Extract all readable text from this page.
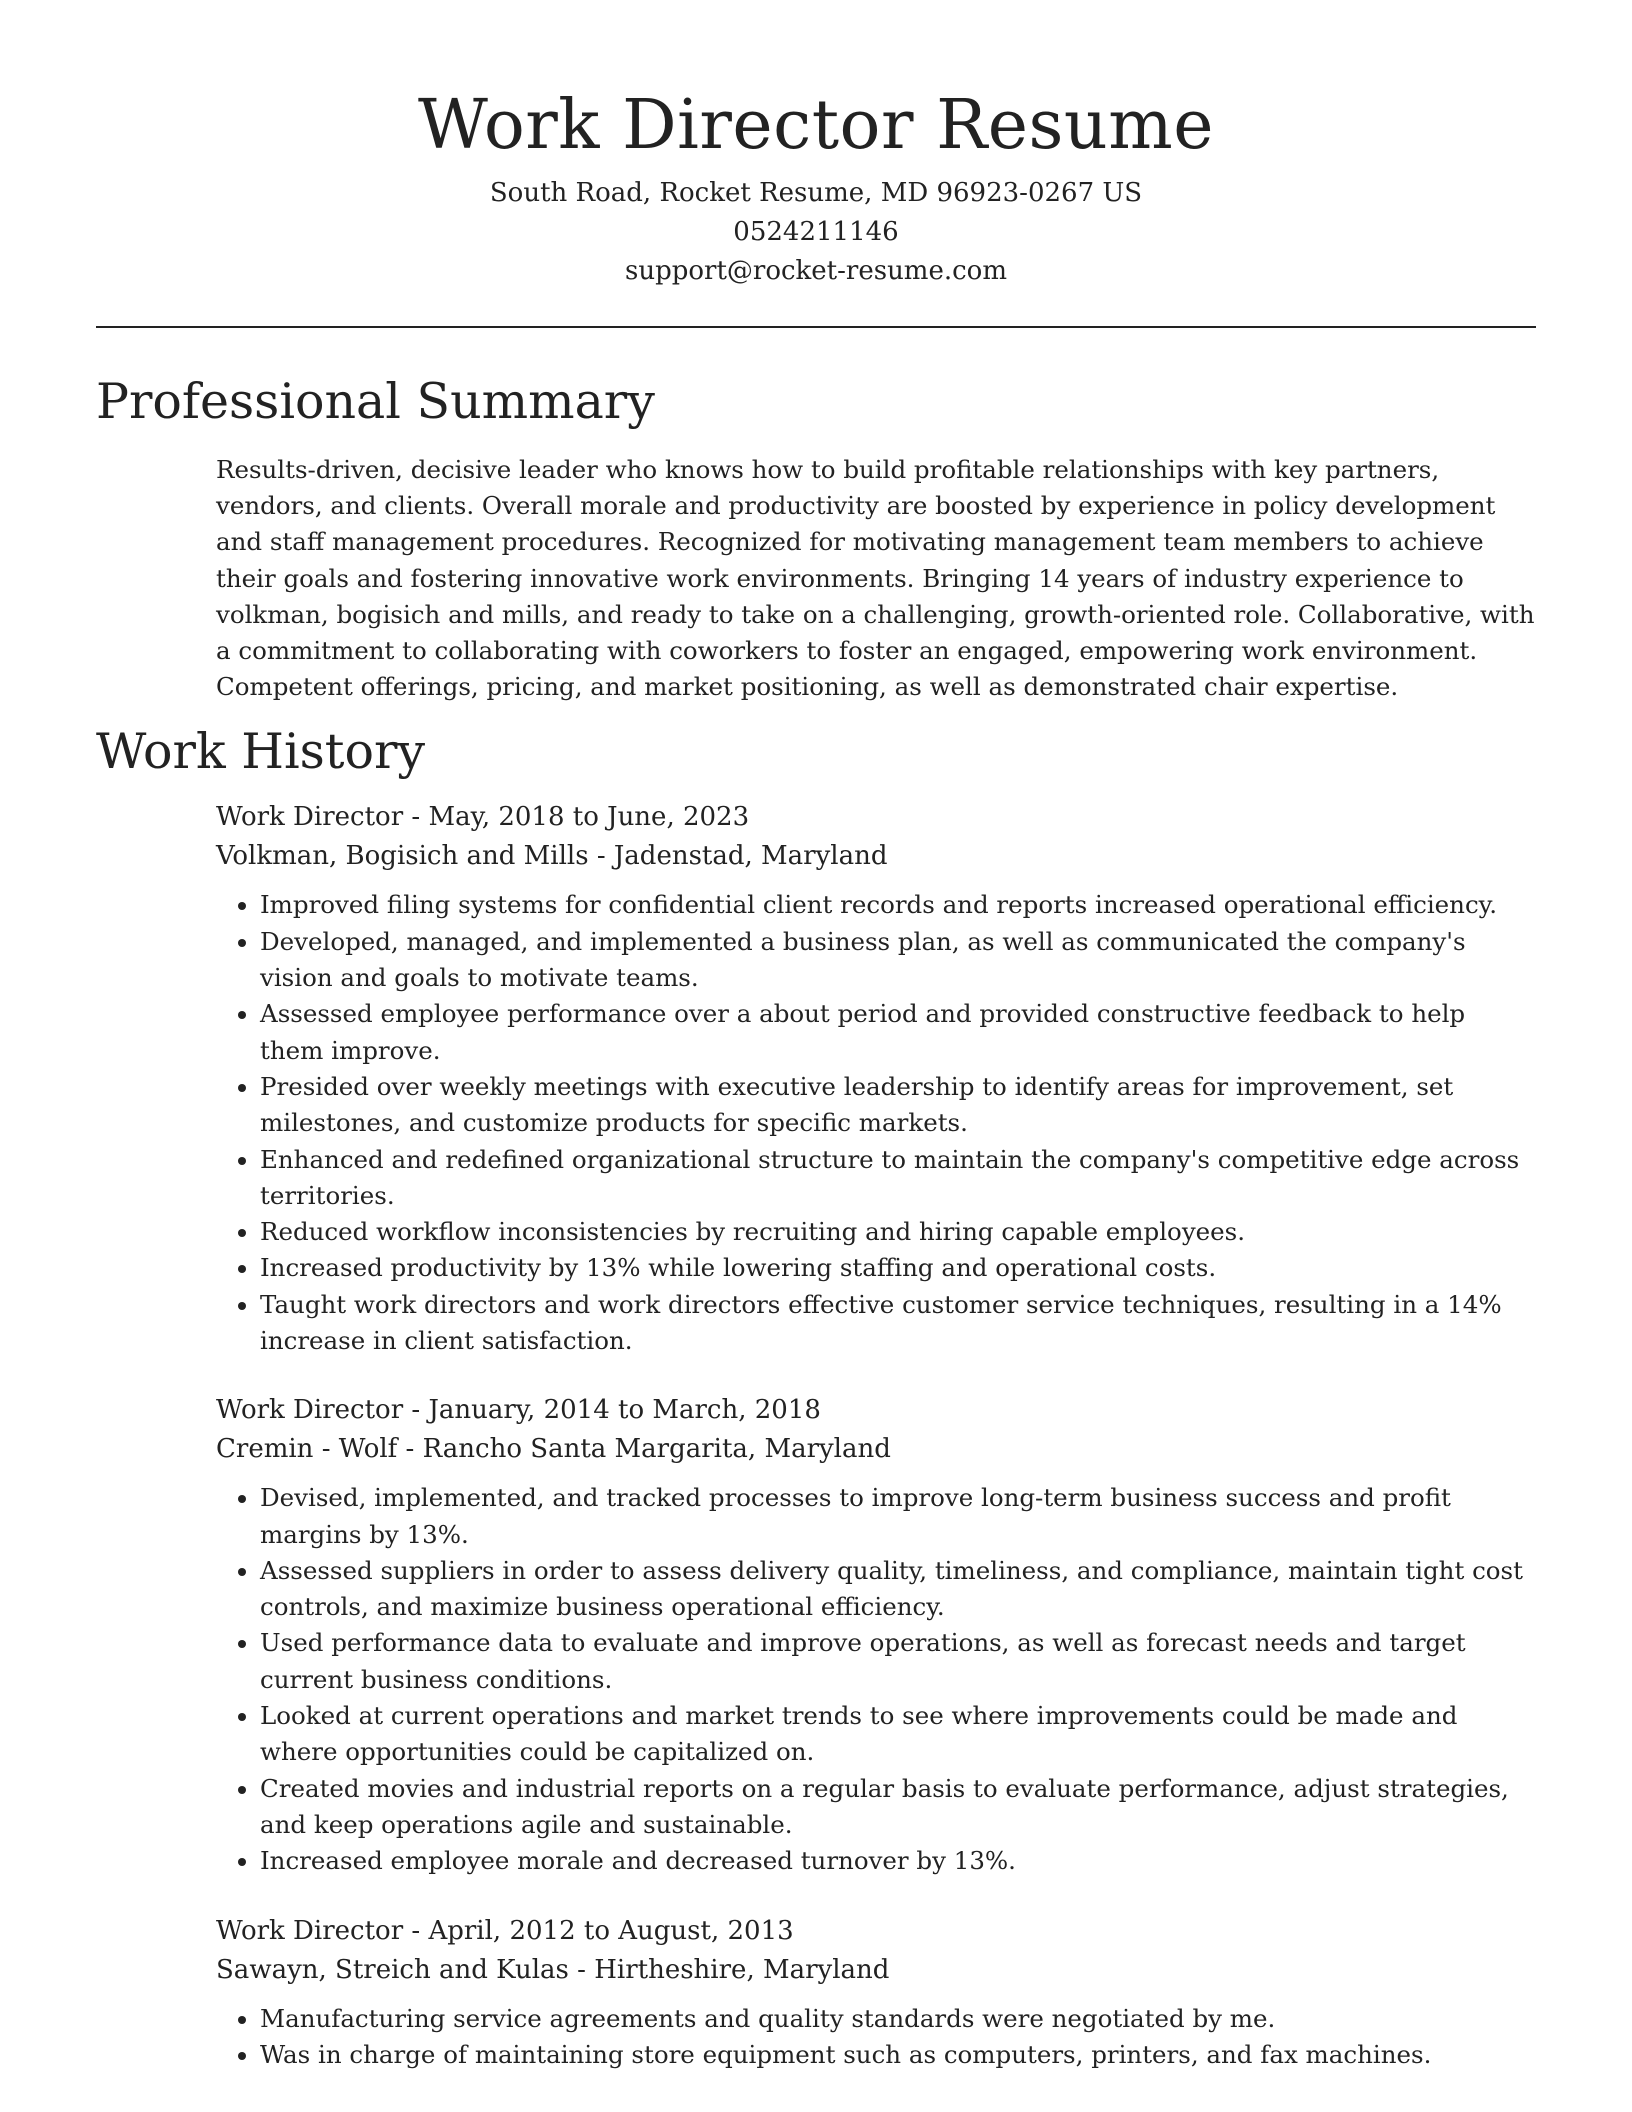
Work Director Resume
South Road, Rocket Resume, MD 96923-0267 US
0524211146
support@rocket-resume.com
Professional Summary

Results-driven, decisive leader who knows how to build profitable relationships with key partners, vendors, and clients. Overall morale and productivity are boosted by experience in policy development and staff management procedures. Recognized for motivating management team members to achieve their goals and fostering innovative work environments. Bringing 14 years of industry experience to volkman, bogisich and mills, and ready to take on a challenging, growth-oriented role. Collaborative, with a commitment to collaborating with coworkers to foster an engaged, empowering work environment. Competent offerings, pricing, and market positioning, as well as demonstrated chair expertise.

Work History
Work Director - May, 2018 to June, 2023
Volkman, Bogisich and Mills - Jadenstad, Maryland
• Improved filing systems for confidential client records and reports increased operational efficiency.
• Developed, managed, and implemented a business plan, as well as communicated the company's vision and goals to motivate teams.
• Assessed employee performance over a about period and provided constructive feedback to help them improve.
• Presided over weekly meetings with executive leadership to identify areas for improvement, set milestones, and customize products for specific markets.
• Enhanced and redefined organizational structure to maintain the company's competitive edge across territories.
• Reduced workflow inconsistencies by recruiting and hiring capable employees.
• Increased productivity by 13% while lowering staffing and operational costs.
• Taught work directors and work directors effective customer service techniques, resulting in a 14% increase in client satisfaction.
Work Director - January, 2014 to March, 2018
Cremin - Wolf - Rancho Santa Margarita, Maryland
• Devised, implemented, and tracked processes to improve long-term business success and profit margins by 13%.
• Assessed suppliers in order to assess delivery quality, timeliness, and compliance, maintain tight cost controls, and maximize business operational efficiency.
• Used performance data to evaluate and improve operations, as well as forecast needs and target current business conditions.
• Looked at current operations and market trends to see where improvements could be made and where opportunities could be capitalized on.
• Created movies and industrial reports on a regular basis to evaluate performance, adjust strategies, and keep operations agile and sustainable.
• Increased employee morale and decreased turnover by 13%.
Work Director - April, 2012 to August, 2013
Sawayn, Streich and Kulas - Hirtheshire, Maryland
• Manufacturing service agreements and quality standards were negotiated by me.
• Was in charge of maintaining store equipment such as computers, printers, and fax machines.
